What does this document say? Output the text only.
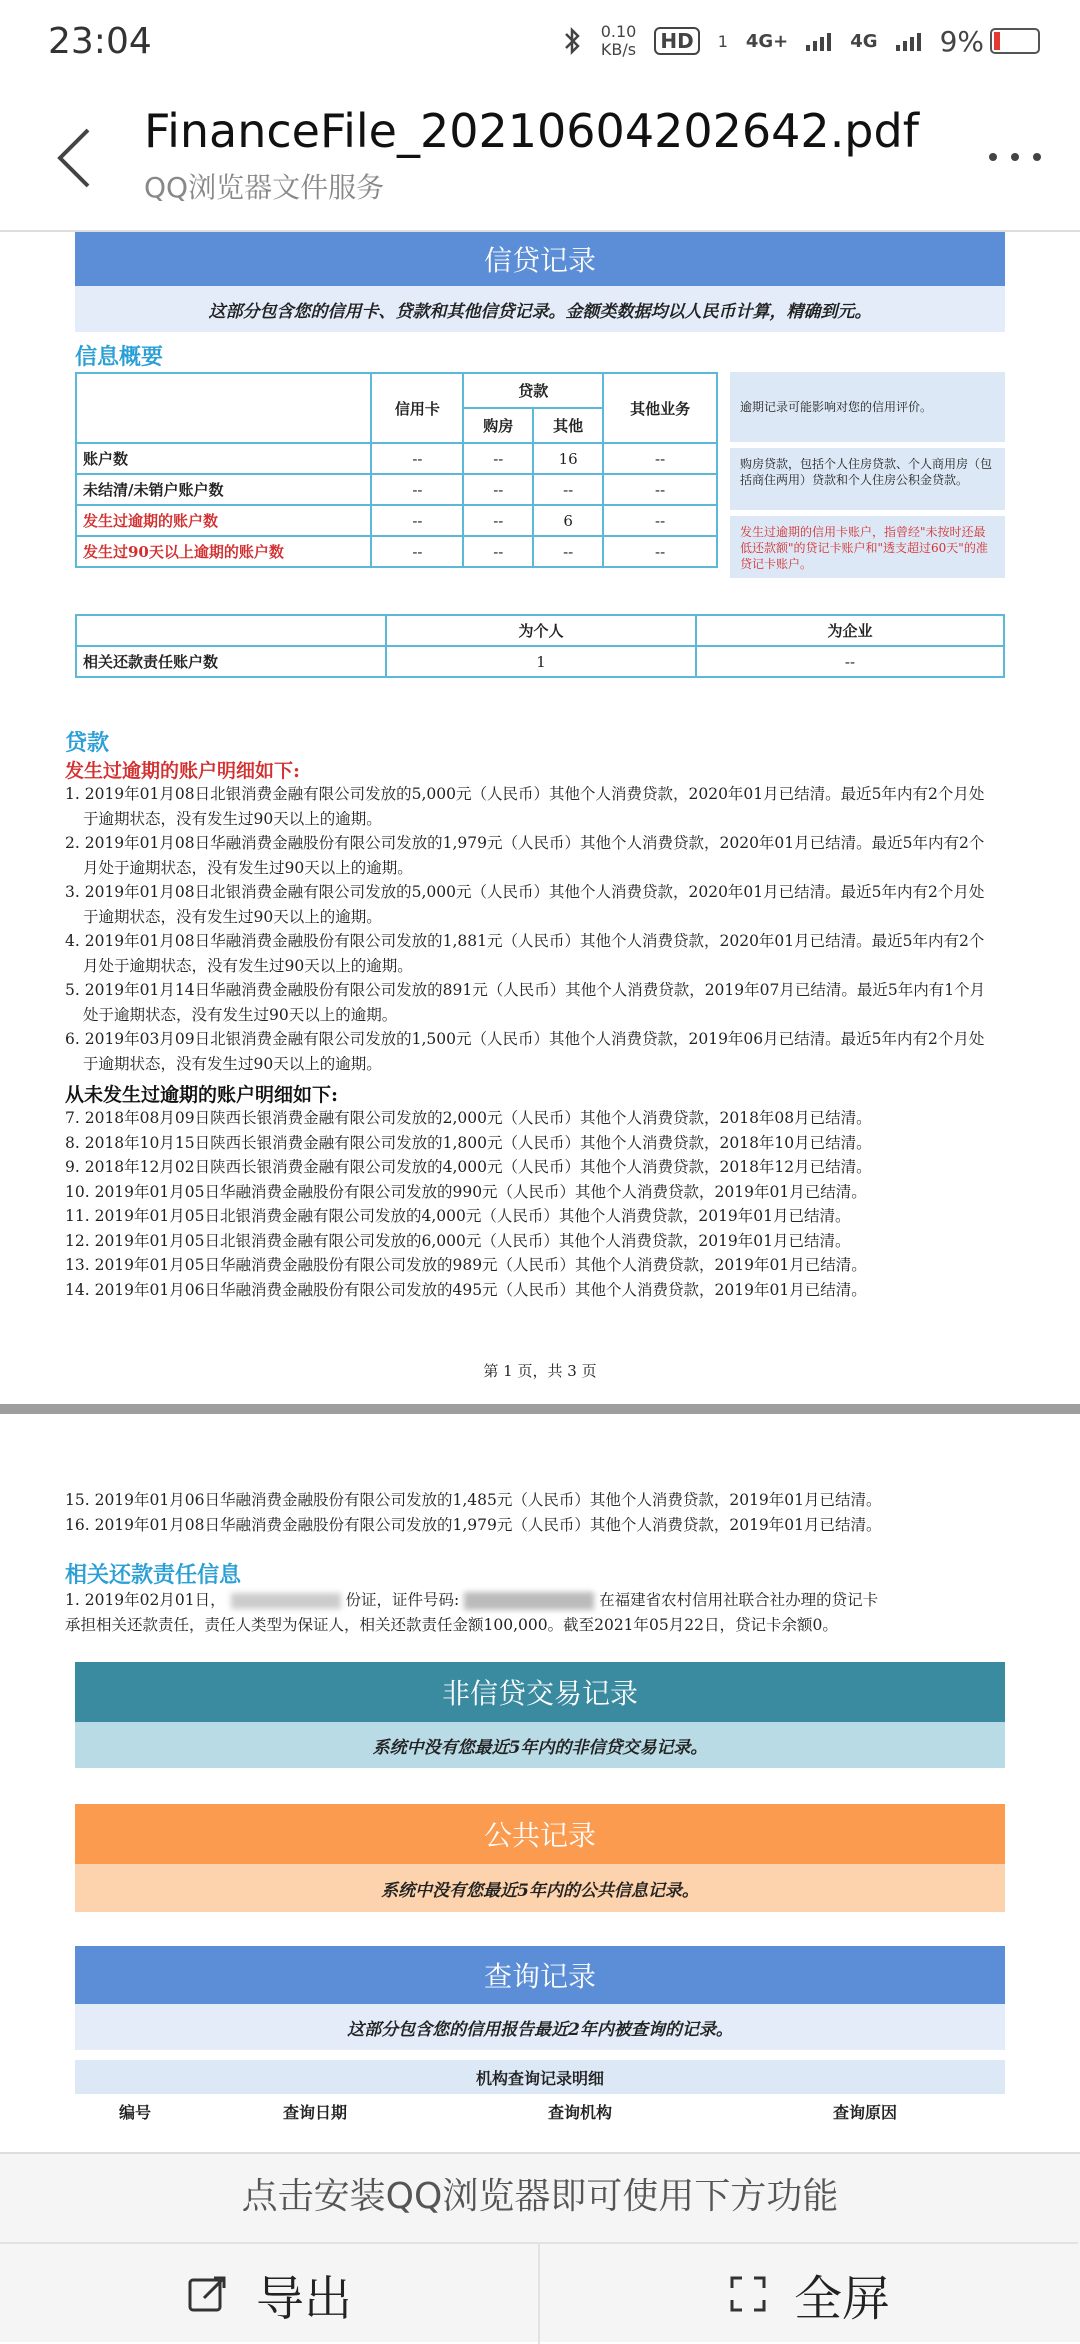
23:04	0.10
KB/s	HD	1 4G+	4G 9%
FinanceFile_20210604202642.pdf
QQ浏览器文件服务
信贷记录
这部分包含您的信用卡、贷款和其他信贷记录。金额类数据均以人民币计算，精确到元。
信息概要
	信用卡	贷款		其他业务
		购房	其他	
账户数	--	--	16	--
未结清/未销户账户数	--	--	--	--
发生过逾期的账户数	--	--	6	--
发生过90天以上逾期的账户数	--	--	--	--
逾期记录可能影响对您的信用评价。
购房贷款，包括个人住房贷款、个人商用房（包括商住两用）贷款和个人住房公积金贷款。
发生过逾期的信用卡账户，指曾经"未按时还最低还款额"的贷记卡账户和"透支超过60天"的准贷记卡账户。
	为个人	为企业
相关还款责任账户数	1	--
贷款
发生过逾期的账户明细如下:
1. 2019年01月08日北银消费金融有限公司发放的5,000元（人民币）其他个人消费贷款，2020年01月已结清。最近5年内有2个月处
于逾期状态，没有发生过90天以上的逾期。
2. 2019年01月08日华融消费金融股份有限公司发放的1,979元（人民币）其他个人消费贷款，2020年01月已结清。最近5年内有2个
月处于逾期状态，没有发生过90天以上的逾期。
3. 2019年01月08日北银消费金融有限公司发放的5,000元（人民币）其他个人消费贷款，2020年01月已结清。最近5年内有2个月处
于逾期状态，没有发生过90天以上的逾期。
4. 2019年01月08日华融消费金融股份有限公司发放的1,881元（人民币）其他个人消费贷款，2020年01月已结清。最近5年内有2个
月处于逾期状态，没有发生过90天以上的逾期。
5. 2019年01月14日华融消费金融股份有限公司发放的891元（人民币）其他个人消费贷款，2019年07月已结清。最近5年内有1个月
处于逾期状态，没有发生过90天以上的逾期。
6. 2019年03月09日北银消费金融有限公司发放的1,500元（人民币）其他个人消费贷款，2019年06月已结清。最近5年内有2个月处
于逾期状态，没有发生过90天以上的逾期。
从未发生过逾期的账户明细如下:
7. 2018年08月09日陕西长银消费金融有限公司发放的2,000元（人民币）其他个人消费贷款，2018年08月已结清。
8. 2018年10月15日陕西长银消费金融有限公司发放的1,800元（人民币）其他个人消费贷款，2018年10月已结清。
9. 2018年12月02日陕西长银消费金融有限公司发放的4,000元（人民币）其他个人消费贷款，2018年12月已结清。
10. 2019年01月05日华融消费金融股份有限公司发放的990元（人民币）其他个人消费贷款，2019年01月已结清。
11. 2019年01月05日北银消费金融有限公司发放的4,000元（人民币）其他个人消费贷款，2019年01月已结清。
12. 2019年01月05日北银消费金融有限公司发放的6,000元（人民币）其他个人消费贷款，2019年01月已结清。
13. 2019年01月05日华融消费金融股份有限公司发放的989元（人民币）其他个人消费贷款，2019年01月已结清。
14. 2019年01月06日华融消费金融股份有限公司发放的495元（人民币）其他个人消费贷款，2019年01月已结清。
第 1 页，共 3 页
15. 2019年01月06日华融消费金融股份有限公司发放的1,485元（人民币）其他个人消费贷款，2019年01月已结清。
16. 2019年01月08日华融消费金融股份有限公司发放的1,979元（人民币）其他个人消费贷款，2019年01月已结清。
相关还款责任信息
1. 2019年02月01日，	份证，证件号码:	在福建省农村信用社联合社办理的贷记卡
承担相关还款责任，责任人类型为保证人，相关还款责任金额100,000。截至2021年05月22日，贷记卡余额0。
非信贷交易记录
系统中没有您最近5年内的非信贷交易记录。
公共记录
系统中没有您最近5年内的公共信息记录。
查询记录
这部分包含您的信用报告最近2年内被查询的记录。
机构查询记录明细
编号	查询日期	查询机构	查询原因
点击安装QQ浏览器即可使用下方功能
导出	全屏
